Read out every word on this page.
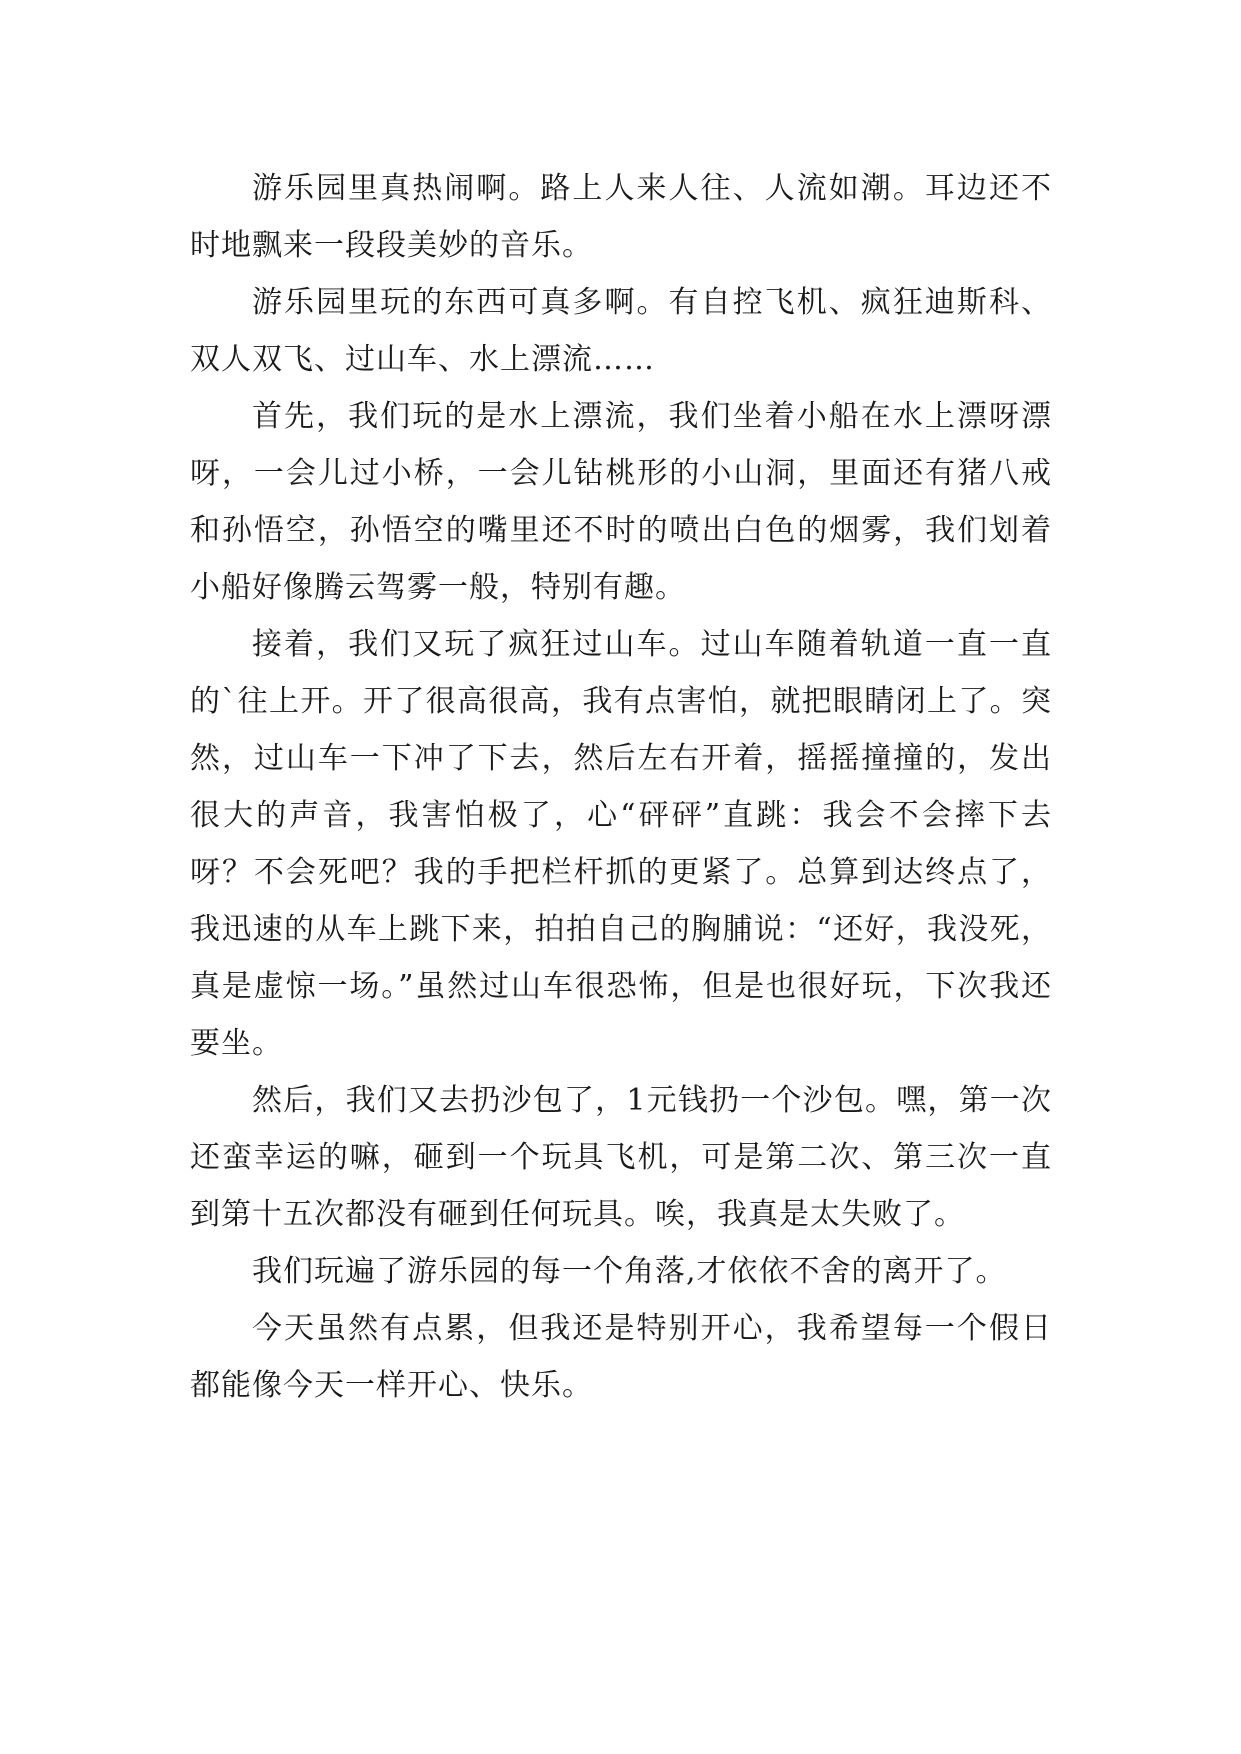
游乐园里真热闹啊。路上人来人往、人流如潮。耳边还不时地飘来一段段美妙的音乐。

游乐园里玩的东西可真多啊。有自控飞机、疯狂迪斯科、双人双飞、过山车、水上漂流……

首先，我们玩的是水上漂流，我们坐着小船在水上漂呀漂呀，一会儿过小桥，一会儿钻桃形的小山洞，里面还有猪八戒和孙悟空，孙悟空的嘴里还不时的喷出白色的烟雾，我们划着小船好像腾云驾雾一般，特别有趣。

接着，我们又玩了疯狂过山车。过山车随着轨道一直一直的`往上开。开了很高很高，我有点害怕，就把眼睛闭上了。突然，过山车一下冲了下去，然后左右开着，摇摇撞撞的，发出很大的声音，我害怕极了，心“砰砰”直跳：我会不会摔下去呀？不会死吧？我的手把栏杆抓的更紧了。总算到达终点了，我迅速的从车上跳下来，拍拍自己的胸脯说：“还好，我没死，真是虚惊一场。”虽然过山车很恐怖，但是也很好玩，下次我还要坐。

然后，我们又去扔沙包了，1元钱扔一个沙包。嘿，第一次还蛮幸运的嘛，砸到一个玩具飞机，可是第二次、第三次一直到第十五次都没有砸到任何玩具。唉，我真是太失败了。

我们玩遍了游乐园的每一个角落,才依依不舍的离开了。

今天虽然有点累，但我还是特别开心，我希望每一个假日都能像今天一样开心、快乐。
